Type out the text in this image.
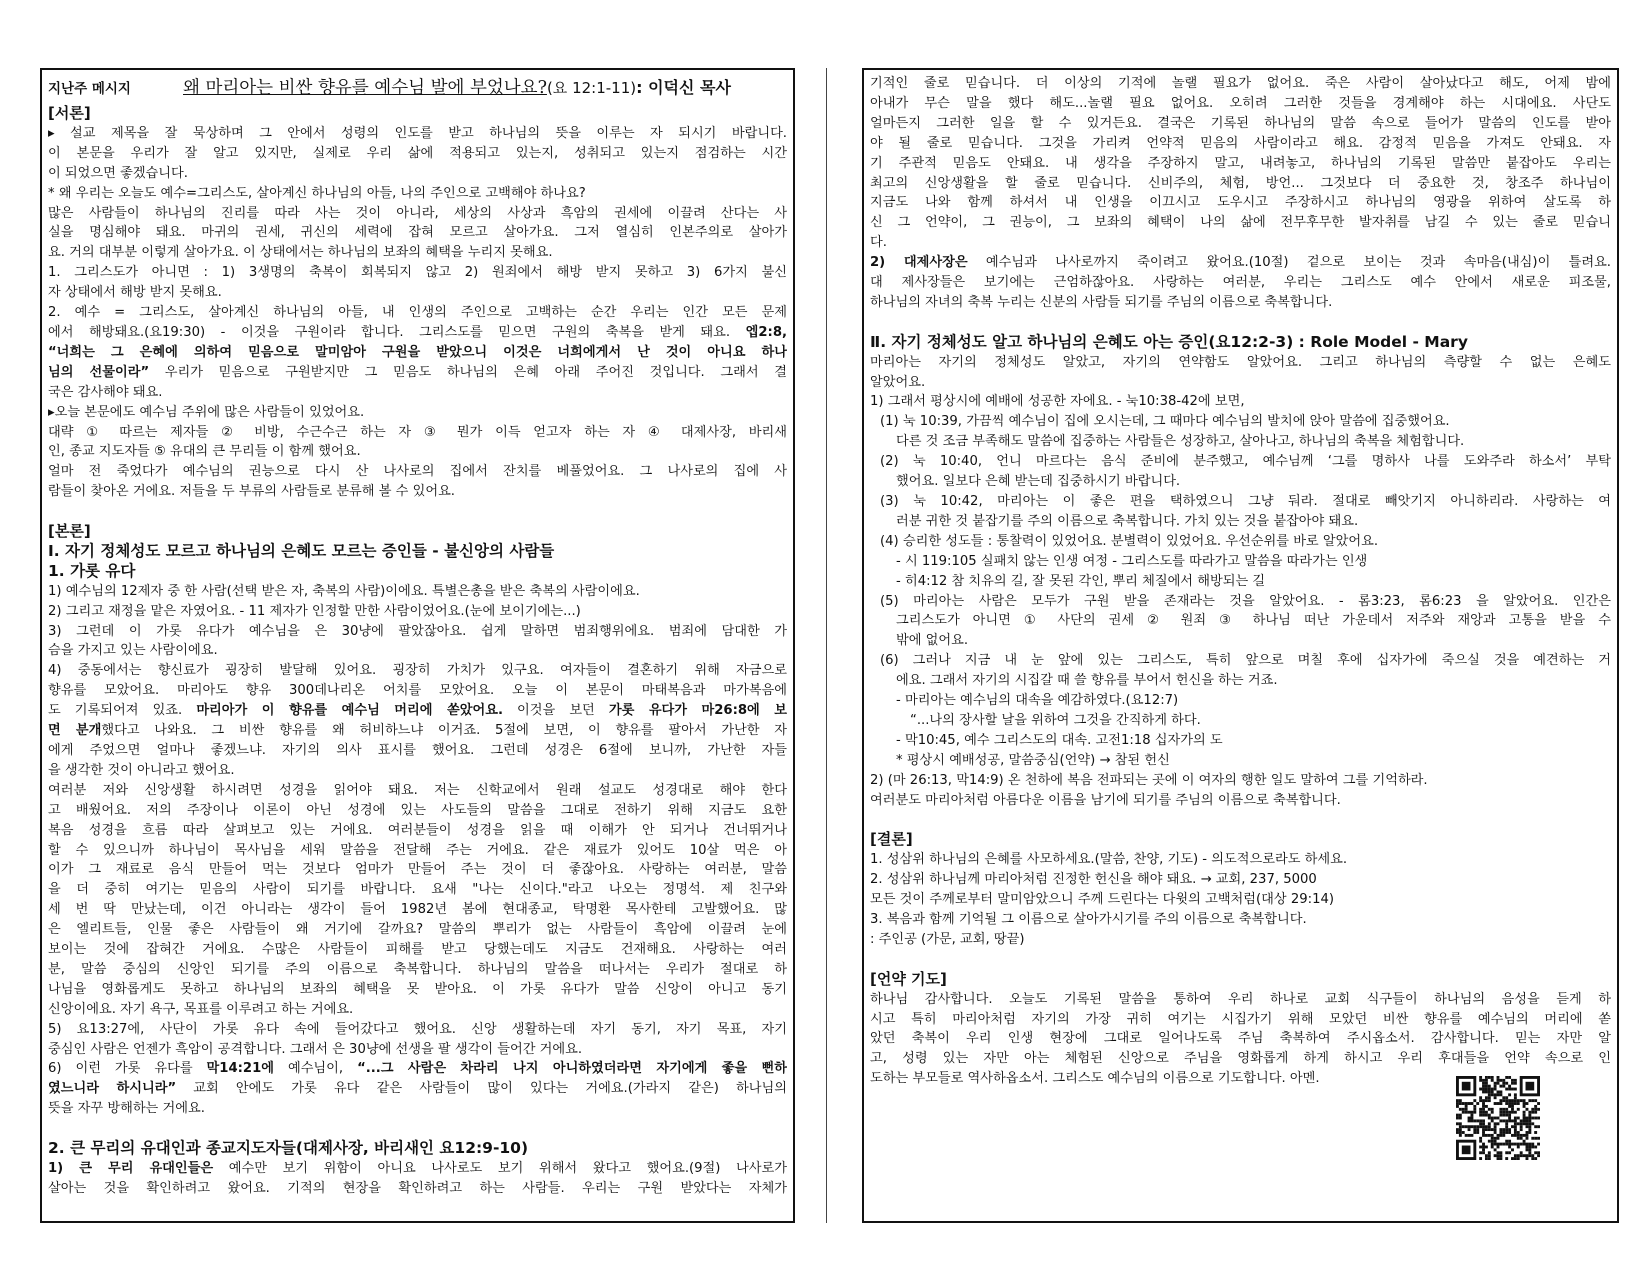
지난주 메시지	왜 마리아는 비싼 향유를 예수님 발에 부었나요? (요 12:1-11) : 이덕신 목사
[서론]
▸ 설교 제목을 잘 묵상하며 그 안에서 성령의 인도를 받고 하나님의 뜻을 이루는 자 되시기 바랍니다.
이 본문을 우리가 잘 알고 있지만, 실제로 우리 삶에 적용되고 있는지, 성취되고 있는지 점검하는 시간
이 되었으면 좋겠습니다.
* 왜 우리는 오늘도 예수=그리스도, 살아계신 하나님의 아들, 나의 주인으로 고백해야 하나요?
많은 사람들이 하나님의 진리를 따라 사는 것이 아니라, 세상의 사상과 흑암의 권세에 이끌려 산다는 사
실을 명심해야 돼요. 마귀의 권세, 귀신의 세력에 잡혀 모르고 살아가요. 그저 열심히 인본주의로 살아가
요. 거의 대부분 이렇게 살아가요. 이 상태에서는 하나님의 보좌의 혜택을 누리지 못해요.
1. 그리스도가 아니면 : 1) 3생명의 축복이 회복되지 않고 2) 원죄에서 해방 받지 못하고 3) 6가지 불신
자 상태에서 해방 받지 못해요.
2. 예수 = 그리스도, 살아계신 하나님의 아들, 내 인생의 주인으로 고백하는 순간 우리는 인간 모든 문제
에서 해방돼요.(요19:30) - 이것을 구원이라 합니다. 그리스도를 믿으면 구원의 축복을 받게 돼요. 엡2:8,
“너희는 그 은혜에 의하여 믿음으로 말미암아 구원을 받았으니 이것은 너희에게서 난 것이 아니요 하나
님의 선물이라” 우리가 믿음으로 구원받지만 그 믿음도 하나님의 은혜 아래 주어진 것입니다. 그래서 결
국은 감사해야 돼요.
▸오늘 본문에도 예수님 주위에 많은 사람들이 있었어요.
대략 ① 따르는 제자들 ② 비방, 수근수근 하는 자 ③ 뭔가 이득 얻고자 하는 자 ④ 대제사장, 바리새
인, 종교 지도자들 ⑤ 유대의 큰 무리들 이 함께 했어요.
얼마 전 죽었다가 예수님의 권능으로 다시 산 나사로의 집에서 잔치를 베풀었어요. 그 나사로의 집에 사
람들이 찾아온 거에요. 저들을 두 부류의 사람들로 분류해 볼 수 있어요.
[본론]
Ⅰ. 자기 정체성도 모르고 하나님의 은혜도 모르는 증인들 - 불신앙의 사람들
1. 가롯 유다
1) 예수님의 12제자 중 한 사람(선택 받은 자, 축복의 사람)이에요. 특별은총을 받은 축복의 사람이에요.
2) 그리고 재정을 맡은 자였어요. - 11 제자가 인정할 만한 사람이었어요.(눈에 보이기에는...)
3) 그런데 이 가롯 유다가 예수님을 은 30냥에 팔았잖아요. 쉽게 말하면 범죄행위에요. 범죄에 담대한 가
슴을 가지고 있는 사람이에요.
4) 중동에서는 향신료가 굉장히 발달해 있어요. 굉장히 가치가 있구요. 여자들이 결혼하기 위해 자금으로
향유를 모았어요. 마리아도 향유 300데나리온 어치를 모았어요. 오늘 이 본문이 마태복음과 마가복음에
도 기록되어져 있죠. 마리아가 이 향유를 예수님 머리에 쏟았어요. 이것을 보던 가롯 유다가 마26:8에 보
면 분개했다고 나와요. 그 비싼 향유를 왜 허비하느냐 이거죠. 5절에 보면, 이 향유를 팔아서 가난한 자
에게 주었으면 얼마나 좋겠느냐. 자기의 의사 표시를 했어요. 그런데 성경은 6절에 보니까, 가난한 자들
을 생각한 것이 아니라고 했어요.
여러분 저와 신앙생활 하시려면 성경을 읽어야 돼요. 저는 신학교에서 원래 설교도 성경대로 해야 한다
고 배웠어요. 저의 주장이나 이론이 아닌 성경에 있는 사도들의 말씀을 그대로 전하기 위해 지금도 요한
복음 성경을 흐름 따라 살펴보고 있는 거에요. 여러분들이 성경을 읽을 때 이해가 안 되거나 건너뛰거나
할 수 있으니까 하나님이 목사님을 세워 말씀을 전달해 주는 거에요. 같은 재료가 있어도 10살 먹은 아
이가 그 재료로 음식 만들어 먹는 것보다 엄마가 만들어 주는 것이 더 좋잖아요. 사랑하는 여러분, 말씀
을 더 중히 여기는 믿음의 사람이 되기를 바랍니다. 요새 "나는 신이다."라고 나오는 정명석. 제 친구와
세 번 딱 만났는데, 이건 아니라는 생각이 들어 1982년 봄에 현대종교, 탁명환 목사한테 고발했어요. 많
은 엘리트들, 인물 좋은 사람들이 왜 거기에 갈까요? 말씀의 뿌리가 없는 사람들이 흑암에 이끌려 눈에
보이는 것에 잡혀간 거에요. 수많은 사람들이 피해를 받고 당했는데도 지금도 건재해요. 사랑하는 여러
분, 말씀 중심의 신앙인 되기를 주의 이름으로 축복합니다. 하나님의 말씀을 떠나서는 우리가 절대로 하
나님을 영화롭게도 못하고 하나님의 보좌의 혜택을 못 받아요. 이 가롯 유다가 말씀 신앙이 아니고 동기
신앙이에요. 자기 욕구, 목표를 이루려고 하는 거에요.
5) 요13:27에, 사단이 가롯 유다 속에 들어갔다고 했어요. 신앙 생활하는데 자기 동기, 자기 목표, 자기
중심인 사람은 언젠가 흑암이 공격합니다. 그래서 은 30냥에 선생을 팔 생각이 들어간 거에요.
6) 이런 가롯 유다를 막14:21에 예수님이, “...그 사람은 차라리 나지 아니하였더라면 자기에게 좋을 뻔하
였느니라 하시니라” 교회 안에도 가롯 유다 같은 사람들이 많이 있다는 거에요.(가라지 같은) 하나님의
뜻을 자꾸 방해하는 거에요.
2. 큰 무리의 유대인과 종교지도자들(대제사장, 바리새인 요12:9-10)
1) 큰 무리 유대인들은 예수만 보기 위함이 아니요 나사로도 보기 위해서 왔다고 했어요.(9절) 나사로가
살아는 것을 확인하려고 왔어요. 기적의 현장을 확인하려고 하는 사람들. 우리는 구원 받았다는 자체가
기적인 줄로 믿습니다. 더 이상의 기적에 놀랠 필요가 없어요. 죽은 사람이 살아났다고 해도, 어제 밤에
아내가 무슨 말을 했다 해도...놀랠 필요 없어요. 오히려 그러한 것들을 경계해야 하는 시대에요. 사단도
얼마든지 그러한 일을 할 수 있거든요. 결국은 기록된 하나님의 말씀 속으로 들어가 말씀의 인도를 받아
야 될 줄로 믿습니다. 그것을 가리켜 언약적 믿음의 사람이라고 해요. 감정적 믿음을 가져도 안돼요. 자
기 주관적 믿음도 안돼요. 내 생각을 주장하지 말고, 내려놓고, 하나님의 기록된 말씀만 붙잡아도 우리는
최고의 신앙생활을 할 줄로 믿습니다. 신비주의, 체험, 방언... 그것보다 더 중요한 것, 창조주 하나님이
지금도 나와 함께 하셔서 내 인생을 이끄시고 도우시고 주장하시고 하나님의 영광을 위하여 살도록 하
신 그 언약이, 그 권능이, 그 보좌의 혜택이 나의 삶에 전무후무한 발자취를 남길 수 있는 줄로 믿습니
다.
2) 대제사장은 예수님과 나사로까지 죽이려고 왔어요.(10절) 겉으로 보이는 것과 속마음(내심)이 틀려요.
대 제사장들은 보기에는 근엄하잖아요. 사랑하는 여러분, 우리는 그리스도 예수 안에서 새로운 피조물,
하나님의 자녀의 축복 누리는 신분의 사람들 되기를 주님의 이름으로 축복합니다.
Ⅱ. 자기 정체성도 알고 하나님의 은혜도 아는 증인(요12:2-3) : Role Model - Mary
마리아는 자기의 정체성도 알았고, 자기의 연약함도 알았어요. 그리고 하나님의 측량할 수 없는 은혜도
알았어요.
1) 그래서 평상시에 예배에 성공한 자에요. - 눅10:38-42에 보면,
(1) 눅 10:39, 가끔씩 예수님이 집에 오시는데, 그 때마다 예수님의 발치에 앉아 말씀에 집중했어요.
다른 것 조금 부족해도 말씀에 집중하는 사람들은 성장하고, 살아나고, 하나님의 축복을 체험합니다.
(2) 눅 10:40, 언니 마르다는 음식 준비에 분주했고, 예수님께 ‘그를 명하사 나를 도와주라 하소서’ 부탁
했어요. 일보다 은혜 받는데 집중하시기 바랍니다.
(3) 눅 10:42, 마리아는 이 좋은 편을 택하였으니 그냥 둬라. 절대로 빼앗기지 아니하리라. 사랑하는 여
러분 귀한 것 붙잡기를 주의 이름으로 축복합니다. 가치 있는 것을 붙잡아야 돼요.
(4) 승리한 성도들 : 통찰력이 있었어요. 분별력이 있었어요. 우선순위를 바로 알았어요.
- 시 119:105 실패치 않는 인생 여정 - 그리스도를 따라가고 말씀을 따라가는 인생
- 히4:12 참 치유의 길, 잘 못된 각인, 뿌리 체질에서 해방되는 길
(5) 마리아는 사람은 모두가 구원 받을 존재라는 것을 알았어요. - 롬3:23, 롬6:23 을 알았어요. 인간은
그리스도가 아니면 ① 사단의 권세 ② 원죄 ③ 하나님 떠난 가운데서 저주와 재앙과 고통을 받을 수
밖에 없어요.
(6) 그러나 지금 내 눈 앞에 있는 그리스도, 특히 앞으로 며칠 후에 십자가에 죽으실 것을 예견하는 거
에요. 그래서 자기의 시집갈 때 쓸 향유를 부어서 헌신을 하는 거죠.
- 마리아는 예수님의 대속을 예감하였다.(요12:7)
“...나의 장사할 날을 위하여 그것을 간직하게 하다.
- 막10:45, 예수 그리스도의 대속. 고전1:18 십자가의 도
* 평상시 예배성공, 말씀중심(언약) → 참된 헌신
2) (마 26:13, 막14:9) 온 천하에 복음 전파되는 곳에 이 여자의 행한 일도 말하여 그를 기억하라.
여러분도 마리아처럼 아름다운 이름을 남기에 되기를 주님의 이름으로 축복합니다.
[결론]
1. 성삼위 하나님의 은혜를 사모하세요.(말씀, 찬양, 기도) - 의도적으로라도 하세요.
2. 성삼위 하나님께 마리아처럼 진정한 헌신을 해야 돼요. → 교회, 237, 5000
모든 것이 주께로부터 말미암았으니 주께 드린다는 다윗의 고백처럼(대상 29:14)
3. 복음과 함께 기억될 그 이름으로 살아가시기를 주의 이름으로 축복합니다.
: 주인공 (가문, 교회, 땅끝)
[언약 기도]
하나님 감사합니다. 오늘도 기록된 말씀을 통하여 우리 하나로 교회 식구들이 하나님의 음성을 듣게 하
시고 특히 마리아처럼 자기의 가장 귀히 여기는 시집가기 위해 모았던 비싼 향유를 예수님의 머리에 쏟
았던 축복이 우리 인생 현장에 그대로 일어나도록 주님 축복하여 주시옵소서. 감사합니다. 믿는 자만 알
고, 성령 있는 자만 아는 체험된 신앙으로 주님을 영화롭게 하게 하시고 우리 후대들을 언약 속으로 인
도하는 부모들로 역사하옵소서. 그리스도 예수님의 이름으로 기도합니다. 아멘.
